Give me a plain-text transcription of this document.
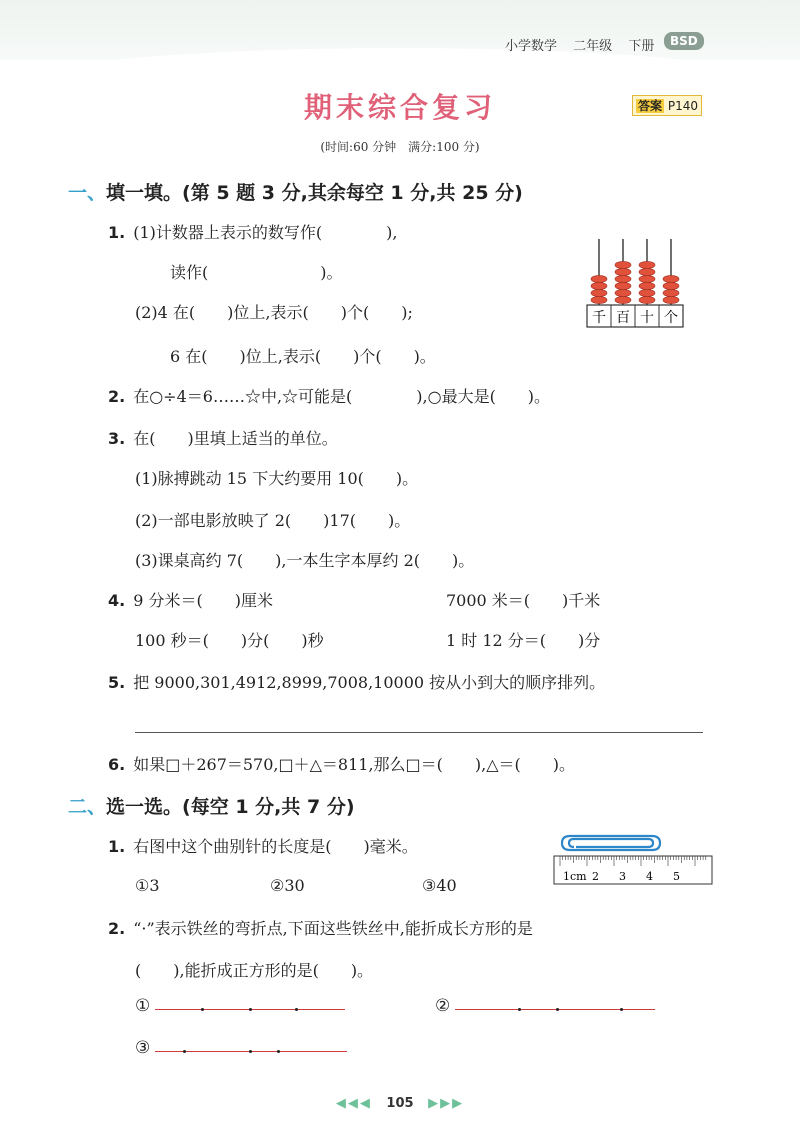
小学数学 二年级 下册	BSD
期末综合复习	答案 P140
(时间:60 分钟　满分:100 分)
一、填一填。(第 5 题 3 分,其余每空 1 分,共 25 分)
1. (1)计数器上表示的数写作(　　　　),
读作(　　　　　　　)。
(2)4 在(　　)位上,表示(　　)个(　　);
6 在(　　)位上,表示(　　)个(　　)。
千 百 十 个
2. 在○÷4＝6……☆中,☆可能是(　　　　),○最大是(　　)。
3. 在(　　)里填上适当的单位。
(1)脉搏跳动 15 下大约要用 10(　　)。
(2)一部电影放映了 2(　　)17(　　)。
(3)课桌高约 7(　　),一本生字本厚约 2(　　)。
4. 9 分米＝(　　)厘米	7000 米＝(　　)千米
100 秒＝(　　)分(　　)秒	1 时 12 分＝(　　)分
5. 把 9000,301,4912,8999,7008,10000 按从小到大的顺序排列。
6. 如果□＋267＝570,□＋△＝811,那么□＝(　　),△＝(　　)。
二、选一选。(每空 1 分,共 7 分)
1. 右图中这个曲别针的长度是(　　)毫米。
①3	②30	③40	1cm 2 3 4 5
2. “·”表示铁丝的弯折点,下面这些铁丝中,能折成长方形的是
(　　),能折成正方形的是(　　)。
①	②
③
◀◀◀ 105 ▶▶▶
